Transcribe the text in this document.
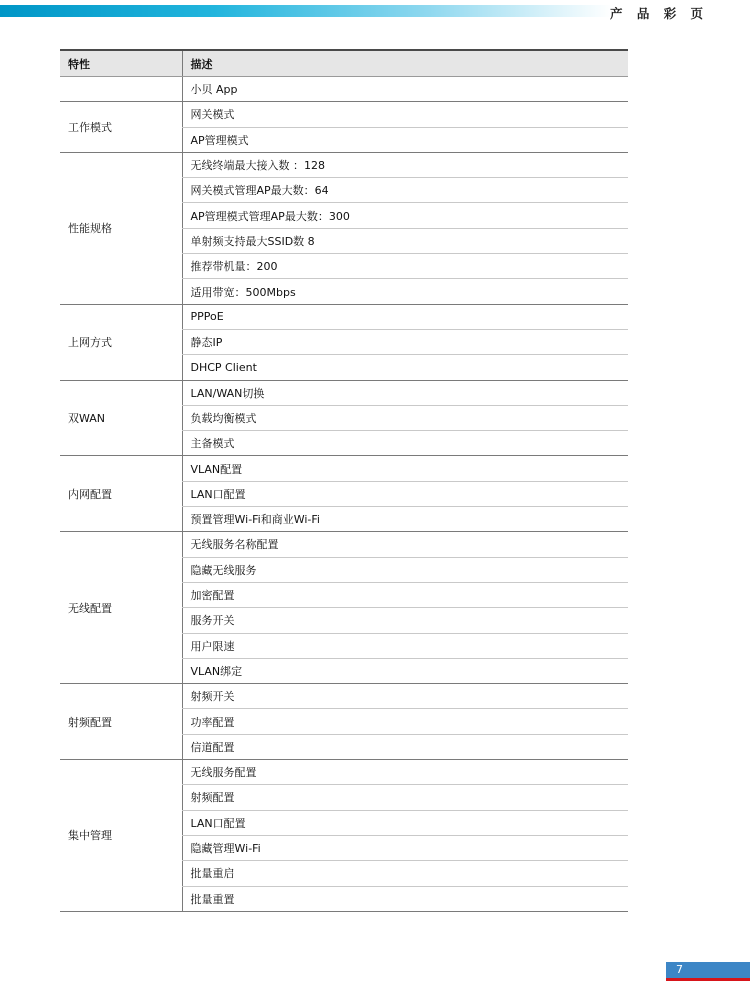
产 品 彩 页
特性	描述
	小贝 App
工作模式	网关模式
	AP管理模式
性能规格	无线终端最大接入数 ：128
	网关模式管理AP最大数：64
	AP管理模式管理AP最大数：300
	单射频支持最大SSID数 8
	推荐带机量：200
	适用带宽：500Mbps
上网方式	PPPoE
	静态IP
	DHCP Client
双WAN	LAN/WAN切换
	负载均衡模式
	主备模式
内网配置	VLAN配置
	LAN口配置
	预置管理Wi-Fi和商业Wi-Fi
无线配置	无线服务名称配置
	隐藏无线服务
	加密配置
	服务开关
	用户限速
	VLAN绑定
射频配置	射频开关
	功率配置
	信道配置
集中管理	无线服务配置
	射频配置
	LAN口配置
	隐藏管理Wi-Fi
	批量重启
	批量重置
7
